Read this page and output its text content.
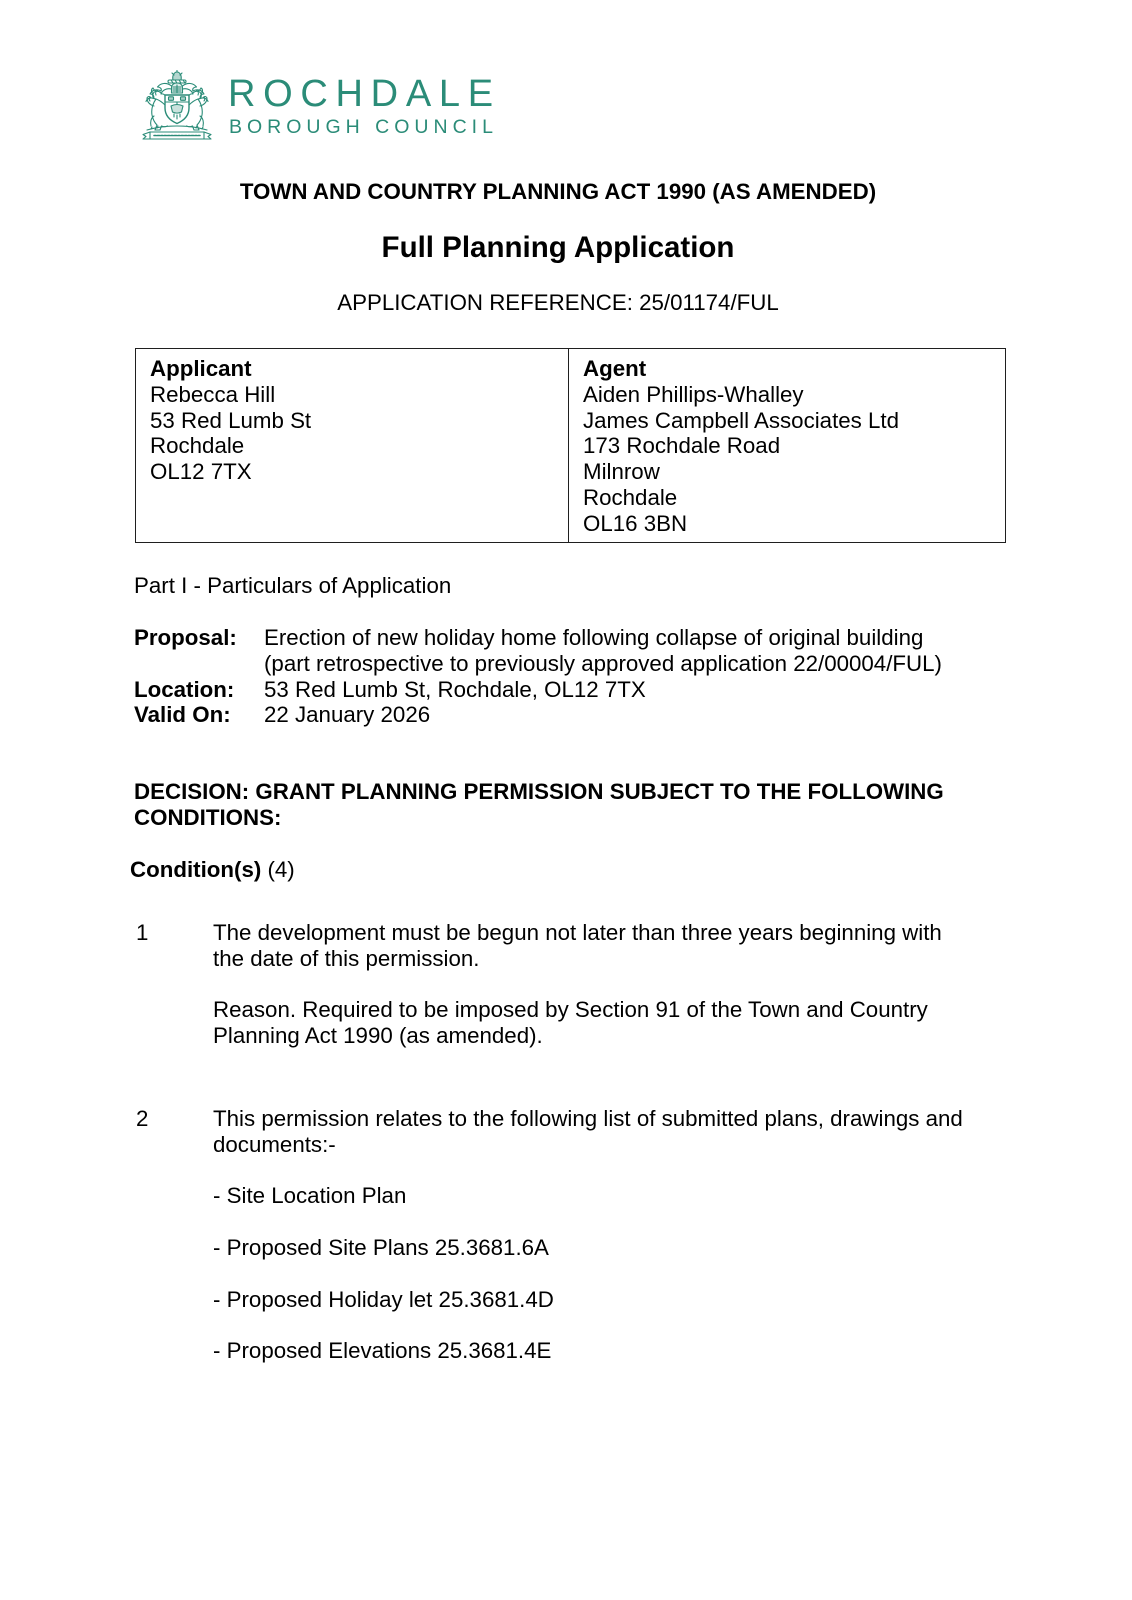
ROCHDALE
BOROUGH COUNCIL
TOWN AND COUNTRY PLANNING ACT 1990 (AS AMENDED)
Full Planning Application
APPLICATION REFERENCE: 25/01174/FUL
Applicant
Rebecca Hill
53 Red Lumb St
Rochdale
OL12 7TX
Agent
Aiden Phillips-Whalley
James Campbell Associates Ltd
173 Rochdale Road
Milnrow
Rochdale
OL16 3BN
Part I - Particulars of Application
Proposal:	Erection of new holiday home following collapse of original building
(part retrospective to previously approved application 22/00004/FUL)
Location:	53 Red Lumb St, Rochdale, OL12 7TX
Valid On:	22 January 2026
DECISION: GRANT PLANNING PERMISSION SUBJECT TO THE FOLLOWING
CONDITIONS:
Condition(s) (4)
1	The development must be begun not later than three years beginning with
the date of this permission.
Reason. Required to be imposed by Section 91 of the Town and Country
Planning Act 1990 (as amended).
2	This permission relates to the following list of submitted plans, drawings and
documents:-
- Site Location Plan
- Proposed Site Plans 25.3681.6A
- Proposed Holiday let 25.3681.4D
- Proposed Elevations 25.3681.4E
